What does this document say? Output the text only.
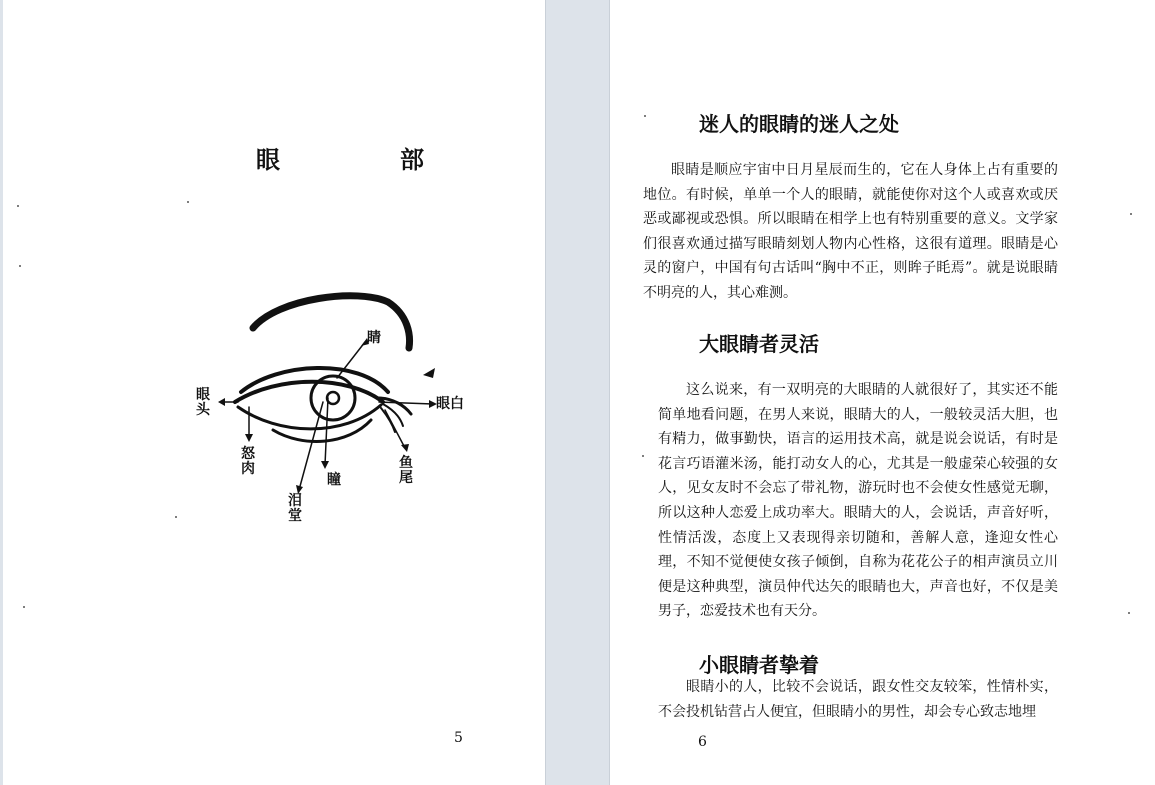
眼　部
睛
眼头	眼白
怒肉
瞳
泪堂
鱼尾
5
迷人的眼睛的迷人之处
眼睛是顺应宇宙中日月星辰而生的，它在人身体上占有重要的地位。有时候，单单一个人的眼睛，就能使你对这个人或喜欢或厌恶或鄙视或恐惧。所以眼睛在相学上也有特别重要的意义。文学家们很喜欢通过描写眼睛刻划人物内心性格，这很有道理。眼睛是心灵的窗户，中国有句古话叫“胸中不正，则眸子眊焉”。就是说眼睛不明亮的人，其心难测。
大眼睛者灵活
这么说来，有一双明亮的大眼睛的人就很好了，其实还不能简单地看问题，在男人来说，眼睛大的人，一般较灵活大胆，也有精力，做事勤快，语言的运用技术高，就是说会说话，有时是花言巧语灌米汤，能打动女人的心，尤其是一般虚荣心较强的女人，见女友时不会忘了带礼物，游玩时也不会使女性感觉无聊，所以这种人恋爱上成功率大。眼睛大的人，会说话，声音好听，性情活泼，态度上又表现得亲切随和，善解人意，逢迎女性心理，不知不觉便使女孩子倾倒，自称为花花公子的相声演员立川便是这种典型，演员仲代达矢的眼睛也大，声音也好，不仅是美男子，恋爱技术也有天分。
小眼睛者挚着
眼睛小的人，比较不会说话，跟女性交友较笨，性情朴实，不会投机钻营占人便宜，但眼睛小的男性，却会专心致志地埋
6
